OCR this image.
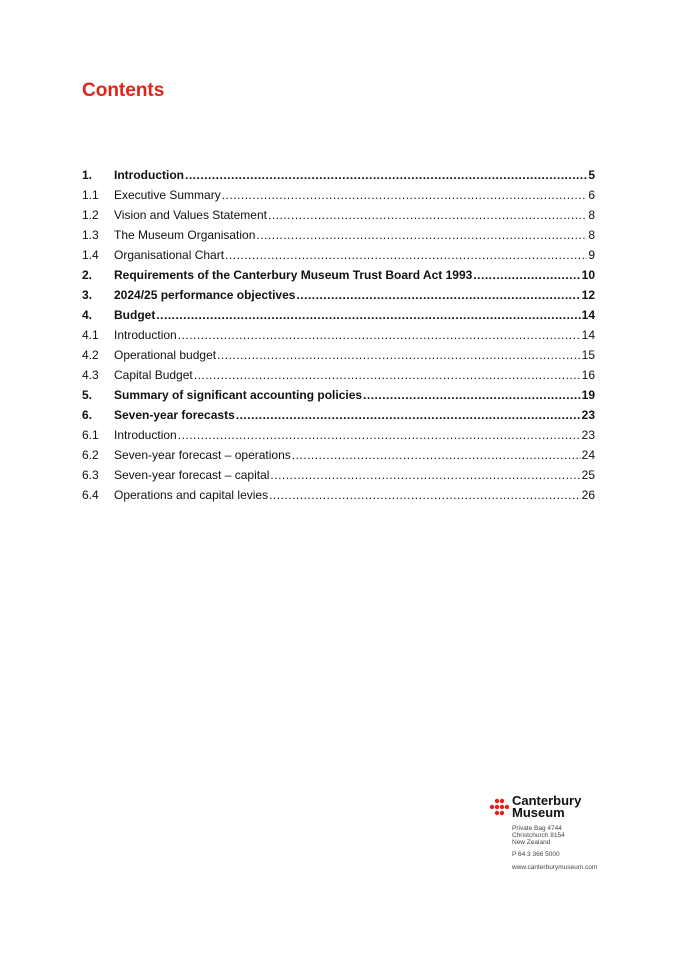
Contents
1.	Introduction .....	5
1.1	Executive Summary .....	6
1.2	Vision and Values Statement .....	8
1.3	The Museum Organisation .....	8
1.4	Organisational Chart .....	9
2.	Requirements of the Canterbury Museum Trust Board Act 1993 .....	10
3.	2024/25 performance objectives .....	12
4.	Budget .....	14
4.1	Introduction .....	14
4.2	Operational budget .....	15
4.3	Capital Budget .....	16
5.	Summary of significant accounting policies .....	19
6.	Seven-year forecasts .....	23
6.1	Introduction .....	23
6.2	Seven-year forecast – operations .....	24
6.3	Seven-year forecast – capital .....	25
6.4	Operations and capital levies .....	26
Canterbury
Museum
Private Bag 4744
Christchurch 8154
New Zealand
P 64 3 366 5000
www.canterburymuseum.com
